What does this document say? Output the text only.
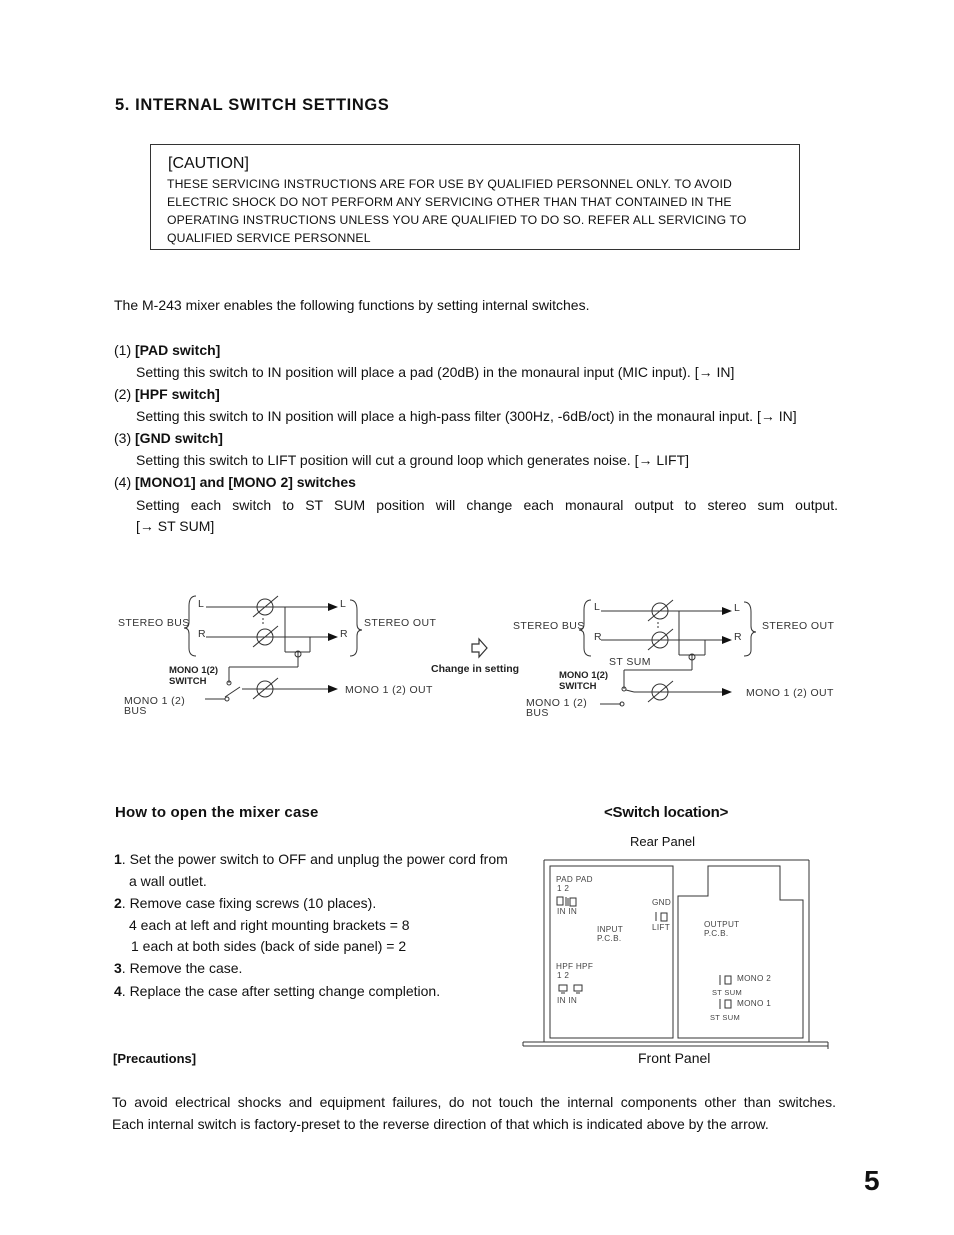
5. INTERNAL SWITCH SETTINGS
[CAUTION]
THESE SERVICING INSTRUCTIONS ARE FOR USE BY QUALIFIED PERSONNEL ONLY. TO AVOID
ELECTRIC SHOCK DO NOT PERFORM ANY SERVICING OTHER THAN THAT CONTAINED IN THE
OPERATING INSTRUCTIONS UNLESS YOU ARE QUALIFIED TO DO SO. REFER ALL SERVICING TO
QUALIFIED SERVICE PERSONNEL
The M-243 mixer enables the following functions by setting internal switches.
(1) [PAD switch]
Setting this switch to IN position will place a pad (20dB) in the monaural input (MIC input). [→ IN]
(2) [HPF switch]
Setting this switch to IN position will place a high-pass filter (300Hz, -6dB/oct) in the monaural input. [→ IN]
(3) [GND switch]
Setting this switch to LIFT position will cut a ground loop which generates noise. [→ LIFT]
(4) [MONO1] and [MONO 2] switches
Setting each switch to ST SUM position will change each monaural output to stereo sum output.
[→ ST SUM]
STEREO BUS
L
R
L
R
STEREO OUT
MONO 1(2)
SWITCH
MONO 1 (2)
BUS
MONO 1 (2) OUT
Change in setting
STEREO BUS
L
R
L
R
STEREO OUT
ST SUM
MONO 1(2)
SWITCH
MONO 1 (2)
BUS
MONO 1 (2) OUT
How to open the mixer case
1. Set the power switch to OFF and unplug the power cord from
a wall outlet.
2. Remove case fixing screws (10 places).
4 each at left and right mounting brackets = 8
1 each at both sides (back of side panel) = 2
3. Remove the case.
4. Replace the case after setting change completion.
<Switch location>
Rear Panel
PAD PAD
1 2
IN IN
GND
LIFT
INPUT
P.C.B.
HPF HPF
1 2
IN IN
OUTPUT
P.C.B.
MONO 2
ST SUM
MONO 1
ST SUM
Front Panel
[Precautions]
To avoid electrical shocks and equipment failures, do not touch the internal components other than switches.
Each internal switch is factory-preset to the reverse direction of that which is indicated above by the arrow.
5
